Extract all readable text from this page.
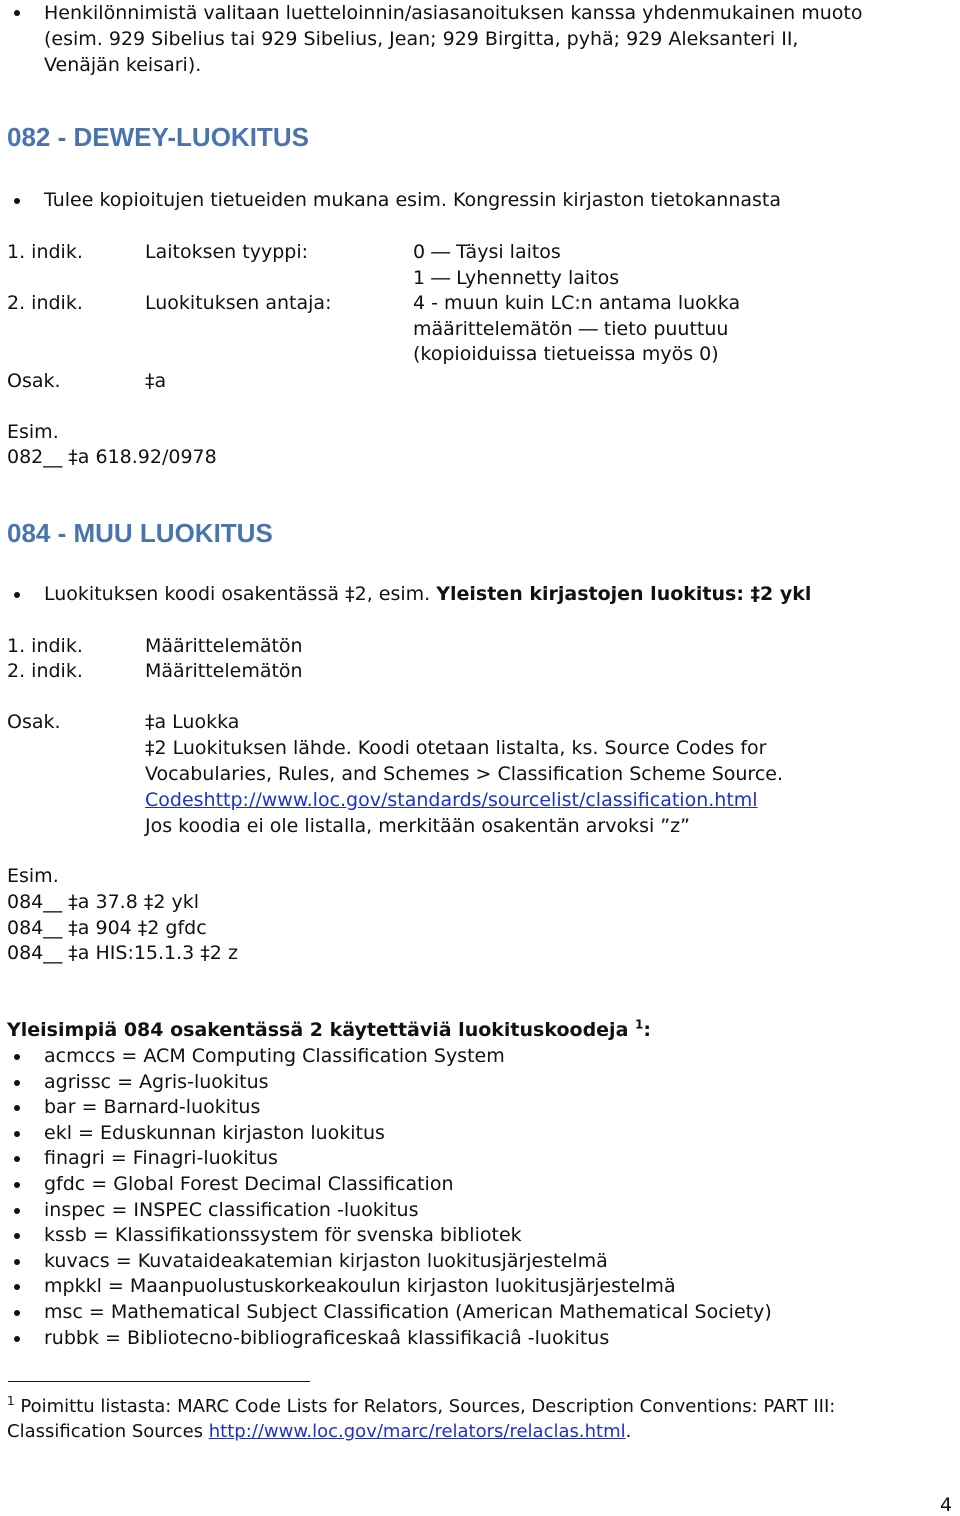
Henkilönnimistä valitaan luetteloinnin/asiasanoituksen kanssa yhdenmukainen muoto
(esim. 929 Sibelius tai 929 Sibelius, Jean; 929 Birgitta, pyhä; 929 Aleksanteri II,
Venäjän keisari).
082 - DEWEY-LUOKITUS
Tulee kopioitujen tietueiden mukana esim. Kongressin kirjaston tietokannasta
1. indik.	Laitoksen tyyppi:	0 ― Täysi laitos
1 ― Lyhennetty laitos
2. indik.	Luokituksen antaja:	4 - muun kuin LC:n antama luokka
määrittelemätön ― tieto puuttuu
(kopioiduissa tietueissa myös 0)
Osak.	‡a
Esim.
082__ ‡a 618.92/0978
084 - MUU LUOKITUS
Luokituksen koodi osakentässä ‡2, esim. Yleisten kirjastojen luokitus: ‡2 ykl
1. indik.	Määrittelemätön
2. indik.	Määrittelemätön
Osak.	‡a Luokka
‡2 Luokituksen lähde. Koodi otetaan listalta, ks. Source Codes for
Vocabularies, Rules, and Schemes > Classification Scheme Source.
Codeshttp://www.loc.gov/standards/sourcelist/classification.html
Jos koodia ei ole listalla, merkitään osakentän arvoksi ”z”
Esim.
084__ ‡a 37.8 ‡2 ykl
084__ ‡a 904 ‡2 gfdc
084__ ‡a HIS:15.1.3 ‡2 z
Yleisimpiä 084 osakentässä 2 käytettäviä luokituskoodeja $^1$:
acmccs = ACM Computing Classification System
agrissc = Agris-luokitus
bar = Barnard-luokitus
ekl = Eduskunnan kirjaston luokitus
finagri = Finagri-luokitus
gfdc = Global Forest Decimal Classification
inspec = INSPEC classification -luokitus
kssb = Klassifikationssystem för svenska bibliotek
kuvacs = Kuvataideakatemian kirjaston luokitusjärjestelmä
mpkkl = Maanpuolustuskorkeakoulun kirjaston luokitusjärjestelmä
msc = Mathematical Subject Classification (American Mathematical Society)
rubbk = Bibliotecno-bibliograficeskaâ klassifikaciâ -luokitus
$^1$ Poimittu listasta: MARC Code Lists for Relators, Sources, Description Conventions: PART III:
Classification Sources http://www.loc.gov/marc/relators/relaclas.html.
4
